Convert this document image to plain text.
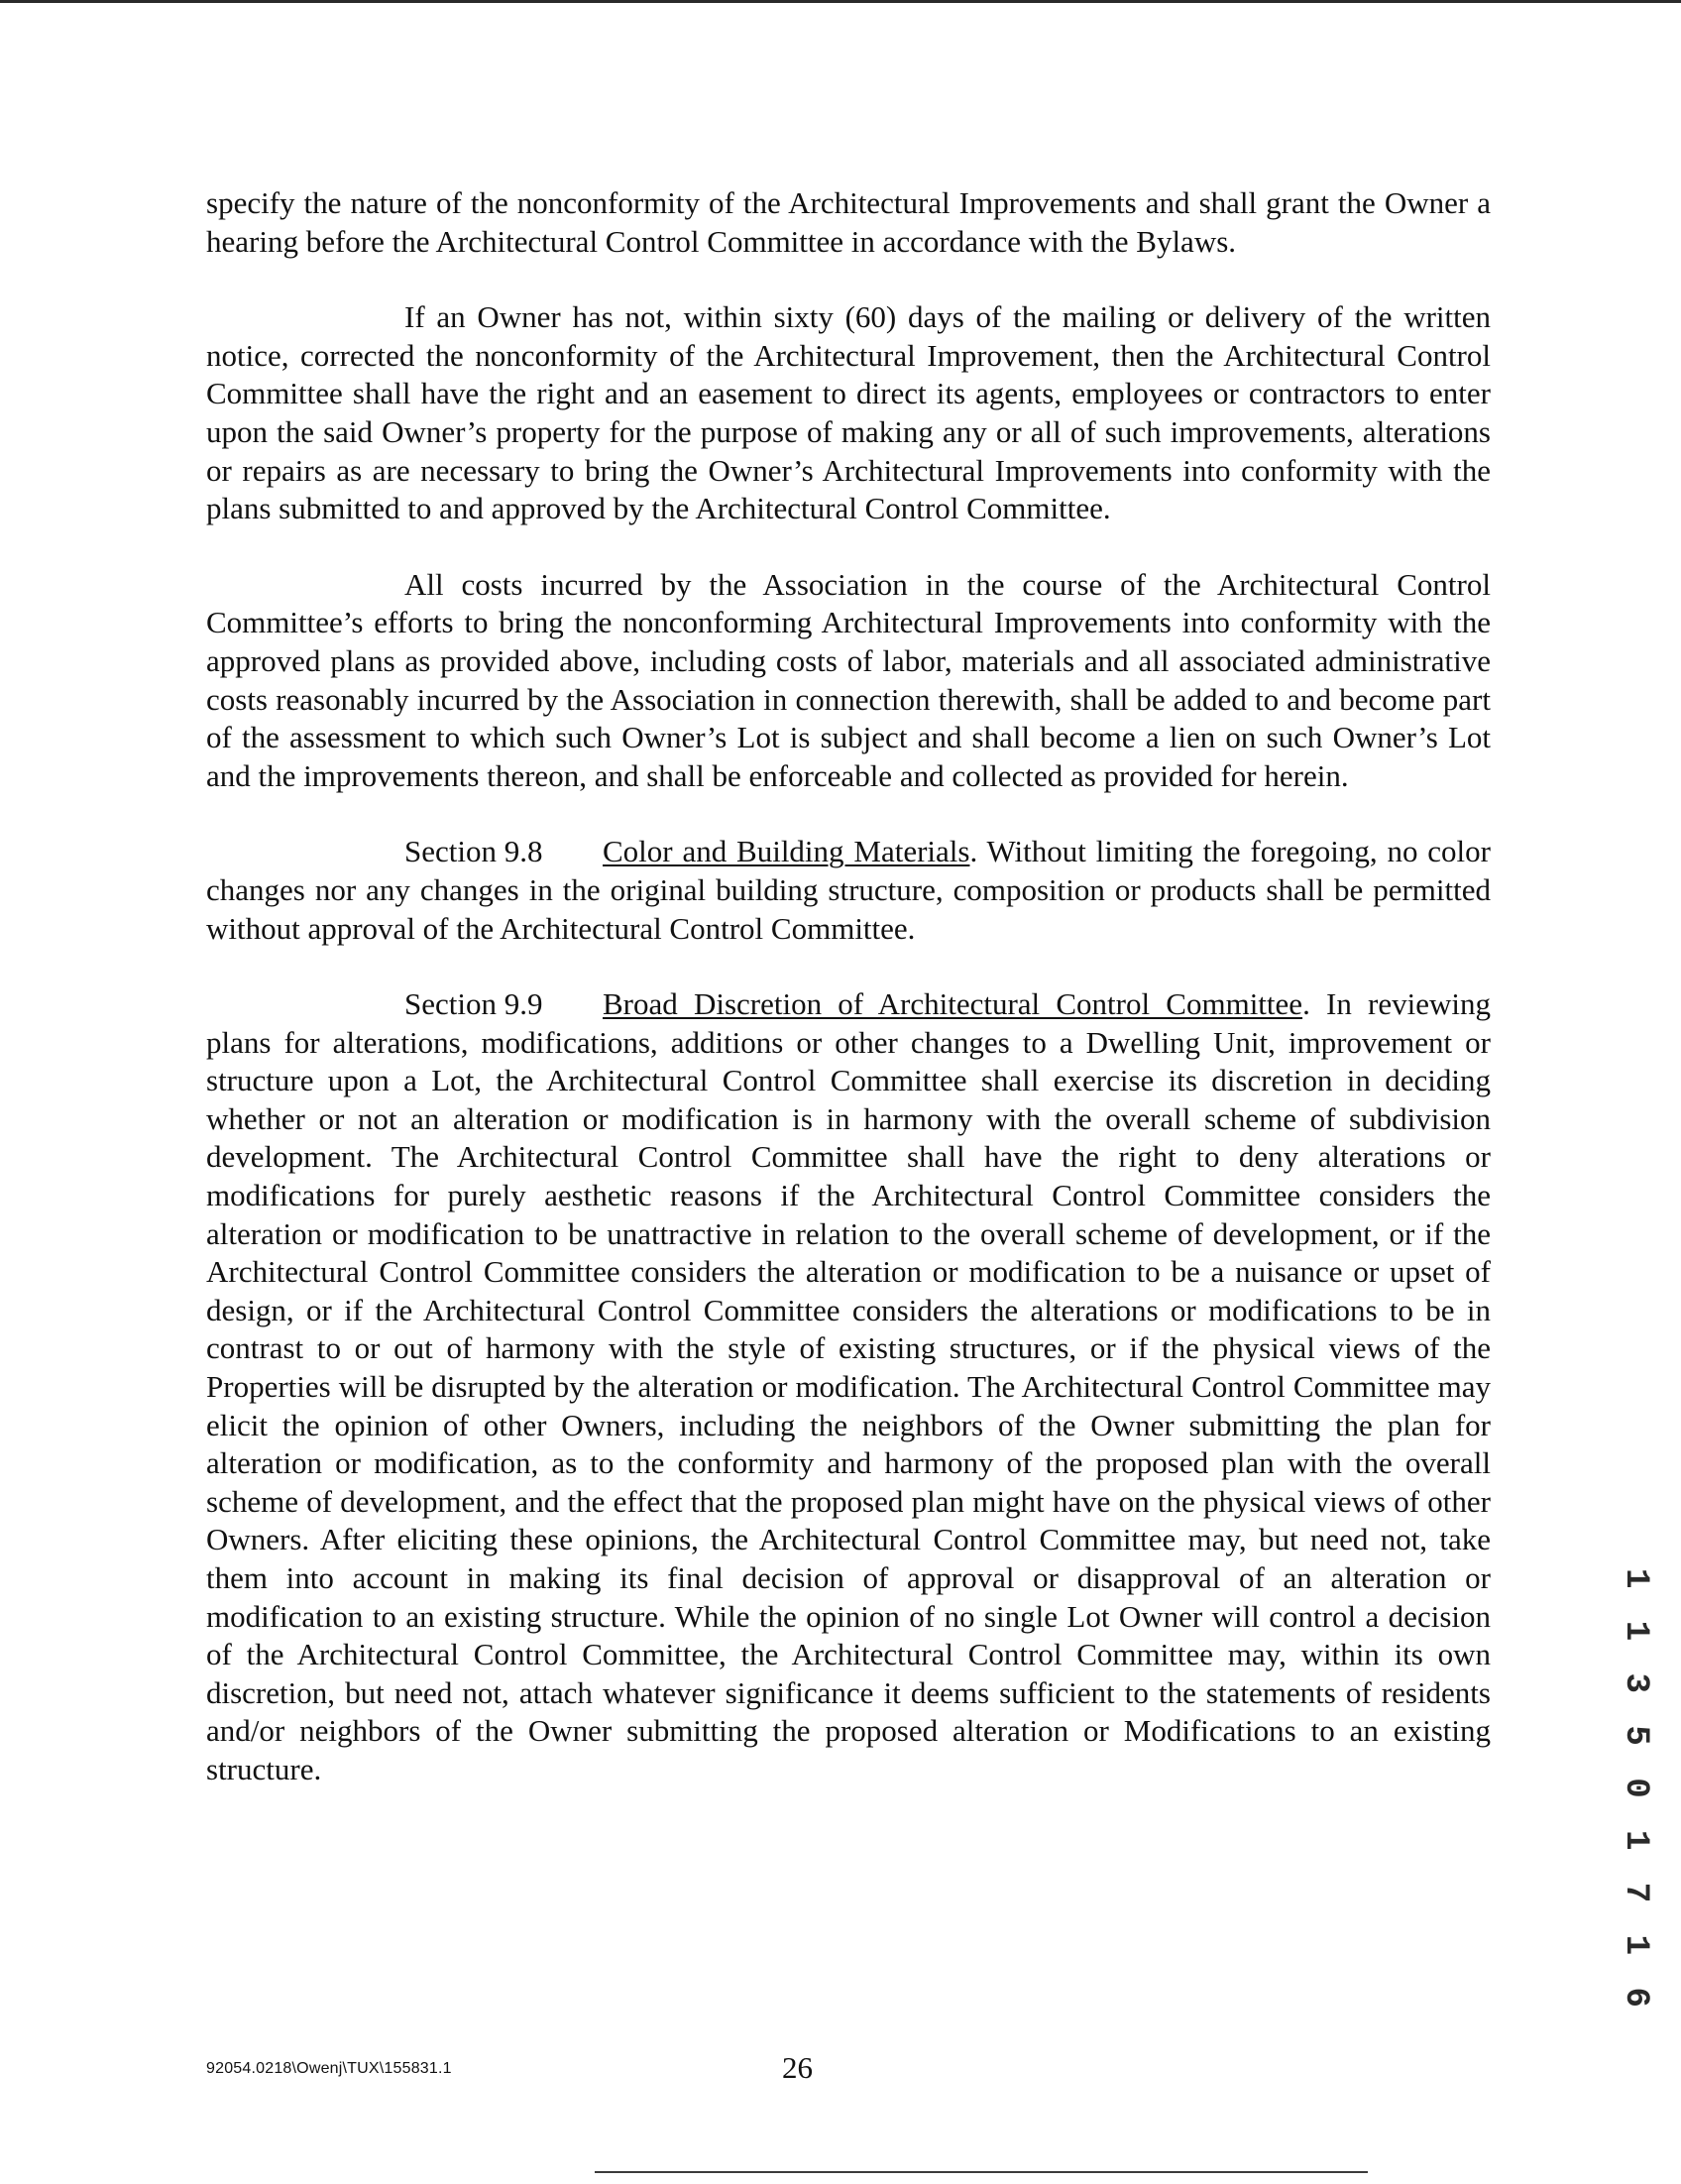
specify the nature of the nonconformity of the Architectural Improvements and shall grant the Owner a hearing before the Architectural Control Committee in accordance with the Bylaws.

If an Owner has not, within sixty (60) days of the mailing or delivery of the written notice, corrected the nonconformity of the Architectural Improvement, then the Architectural Control Committee shall have the right and an easement to direct its agents, employees or contractors to enter upon the said Owner’s property for the purpose of making any or all of such improvements, alterations or repairs as are necessary to bring the Owner’s Architectural Improvements into conformity with the plans submitted to and approved by the Architectural Control Committee.

All costs incurred by the Association in the course of the Architectural Control Committee’s efforts to bring the nonconforming Architectural Improvements into conformity with the approved plans as provided above, including costs of labor, materials and all associated administrative costs reasonably incurred by the Association in connection therewith, shall be added to and become part of the assessment to which such Owner’s Lot is subject and shall become a lien on such Owner’s Lot and the improvements thereon, and shall be enforceable and collected as provided for herein.

Section 9.8 Color and Building Materials. Without limiting the foregoing, no color changes nor any changes in the original building structure, composition or products shall be permitted without approval of the Architectural Control Committee.

Section 9.9 Broad Discretion of Architectural Control Committee. In reviewing plans for alterations, modifications, additions or other changes to a Dwelling Unit, improvement or structure upon a Lot, the Architectural Control Committee shall exercise its discretion in deciding whether or not an alteration or modification is in harmony with the overall scheme of subdivision development. The Architectural Control Committee shall have the right to deny alterations or modifications for purely aesthetic reasons if the Architectural Control Committee considers the alteration or modification to be unattractive in relation to the overall scheme of development, or if the Architectural Control Committee considers the alteration or modification to be a nuisance or upset of design, or if the Architectural Control Committee considers the alterations or modifications to be in contrast to or out of harmony with the style of existing structures, or if the physical views of the Properties will be disrupted by the alteration or modification. The Architectural Control Committee may elicit the opinion of other Owners, including the neighbors of the Owner submitting the plan for alteration or modification, as to the conformity and harmony of the proposed plan with the overall scheme of development, and the effect that the proposed plan might have on the physical views of other Owners. After eliciting these opinions, the Architectural Control Committee may, but need not, take them into account in making its final decision of approval or disapproval of an alteration or modification to an existing structure. While the opinion of no single Lot Owner will control a decision of the Architectural Control Committee, the Architectural Control Committee may, within its own discretion, but need not, attach whatever significance it deems sufficient to the statements of residents and/or neighbors of the Owner submitting the proposed alteration or Modifications to an existing structure.	1 1 3 5 0 1 7 1 6
92054.0218\Owenj\TUX\155831.1	26
